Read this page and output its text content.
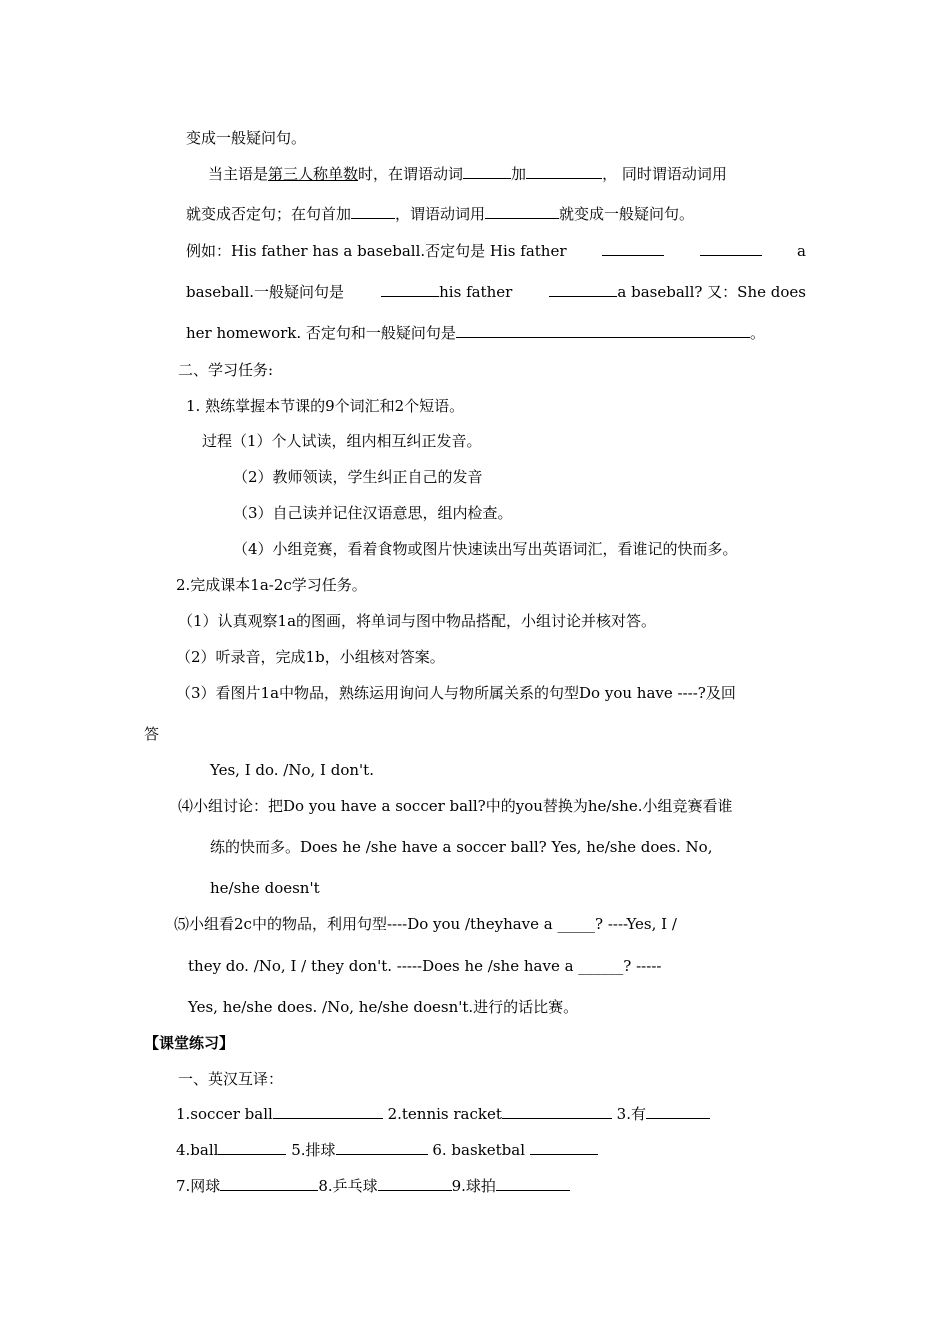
变成一般疑问句。
当主语是第三人称单数时，在谓语动词	加	， 同时谓语动词用
就变成否定句；在句首加	，谓语动词用	就变成一般疑问句。
例如：His father has a baseball.否定句是 His father	a
baseball.一般疑问句是	his father	a baseball? 又：She does
her homework. 否定句和一般疑问句是	。
二、学习任务:
1. 熟练掌握本节课的9个词汇和2个短语。
过程（1）个人试读，组内相互纠正发音。
（2）教师领读，学生纠正自己的发音
（3）自己读并记住汉语意思，组内检查。
（4）小组竞赛，看着食物或图片快速读出写出英语词汇，看谁记的快而多。
2.完成课本1a-2c学习任务。
（1）认真观察1a的图画，将单词与图中物品搭配，小组讨论并核对答。
（2）听录音，完成1b，小组核对答案。
（3）看图片1a中物品，熟练运用询问人与物所属关系的句型Do you have ----?及回
答
Yes, I do. /No, I don't.
⑷小组讨论：把Do you have a soccer ball?中的you替换为he/she.小组竞赛看谁
练的快而多。Does he /she have a soccer ball? Yes, he/she does. No,
he/she doesn't
⑸小组看2c中的物品，利用句型----Do you /theyhave a _____? ----Yes, I /
they do. /No, I / they don't. -----Does he /she have a ______? -----
Yes, he/she does. /No, he/she doesn't.进行的话比赛。
【课堂练习】
一、英汉互译：
1.soccer ball	2.tennis racket	3.有
4.ball	5.排球	6. basketbal
7.网球	8.乒乓球	9.球拍
